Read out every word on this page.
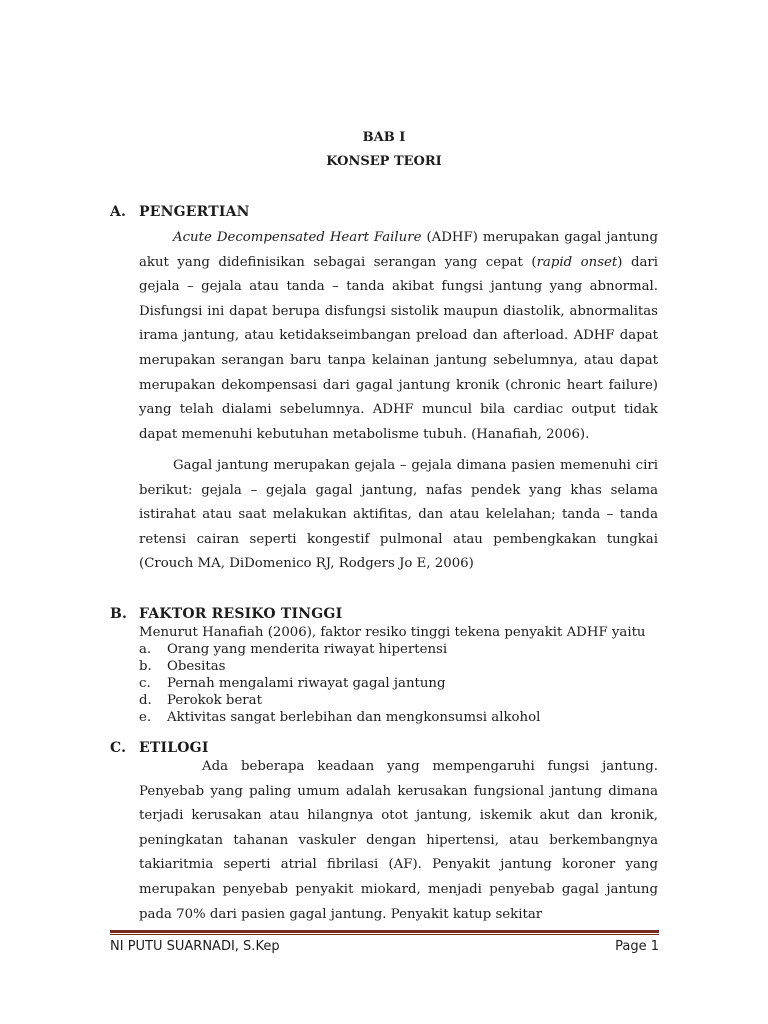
BAB I
KONSEP TEORI
A. PENGERTIAN
Acute Decompensated Heart Failure (ADHF) merupakan gagal jantung akut yang didefinisikan sebagai serangan yang cepat (rapid onset) dari gejala – gejala atau tanda – tanda akibat fungsi jantung yang abnormal. Disfungsi ini dapat berupa disfungsi sistolik maupun diastolik, abnormalitas irama jantung, atau ketidakseimbangan preload dan afterload. ADHF dapat merupakan serangan baru tanpa kelainan jantung sebelumnya, atau dapat merupakan dekompensasi dari gagal jantung kronik (chronic heart failure) yang telah dialami sebelumnya. ADHF muncul bila cardiac output tidak dapat memenuhi kebutuhan metabolisme tubuh. (Hanafiah, 2006).
Gagal jantung merupakan gejala – gejala dimana pasien memenuhi ciri berikut: gejala – gejala gagal jantung, nafas pendek yang khas selama istirahat atau saat melakukan aktifitas, dan atau kelelahan; tanda – tanda retensi cairan seperti kongestif pulmonal atau pembengkakan tungkai (Crouch MA, DiDomenico RJ, Rodgers Jo E, 2006)
B. FAKTOR RESIKO TINGGI
Menurut Hanafiah (2006), faktor resiko tinggi tekena penyakit ADHF yaitu
a. Orang yang menderita riwayat hipertensi
b. Obesitas
c. Pernah mengalami riwayat gagal jantung
d. Perokok berat
e. Aktivitas sangat berlebihan dan mengkonsumsi alkohol
C. ETILOGI
Ada beberapa keadaan yang mempengaruhi fungsi jantung. Penyebab yang paling umum adalah kerusakan fungsional jantung dimana terjadi kerusakan atau hilangnya otot jantung, iskemik akut dan kronik, peningkatan tahanan vaskuler dengan hipertensi, atau berkembangnya takiaritmia seperti atrial fibrilasi (AF). Penyakit jantung koroner yang merupakan penyebab penyakit miokard, menjadi penyebab gagal jantung pada 70% dari pasien gagal jantung. Penyakit katup sekitar
NI PUTU SUARNADI, S.Kep	Page 1
